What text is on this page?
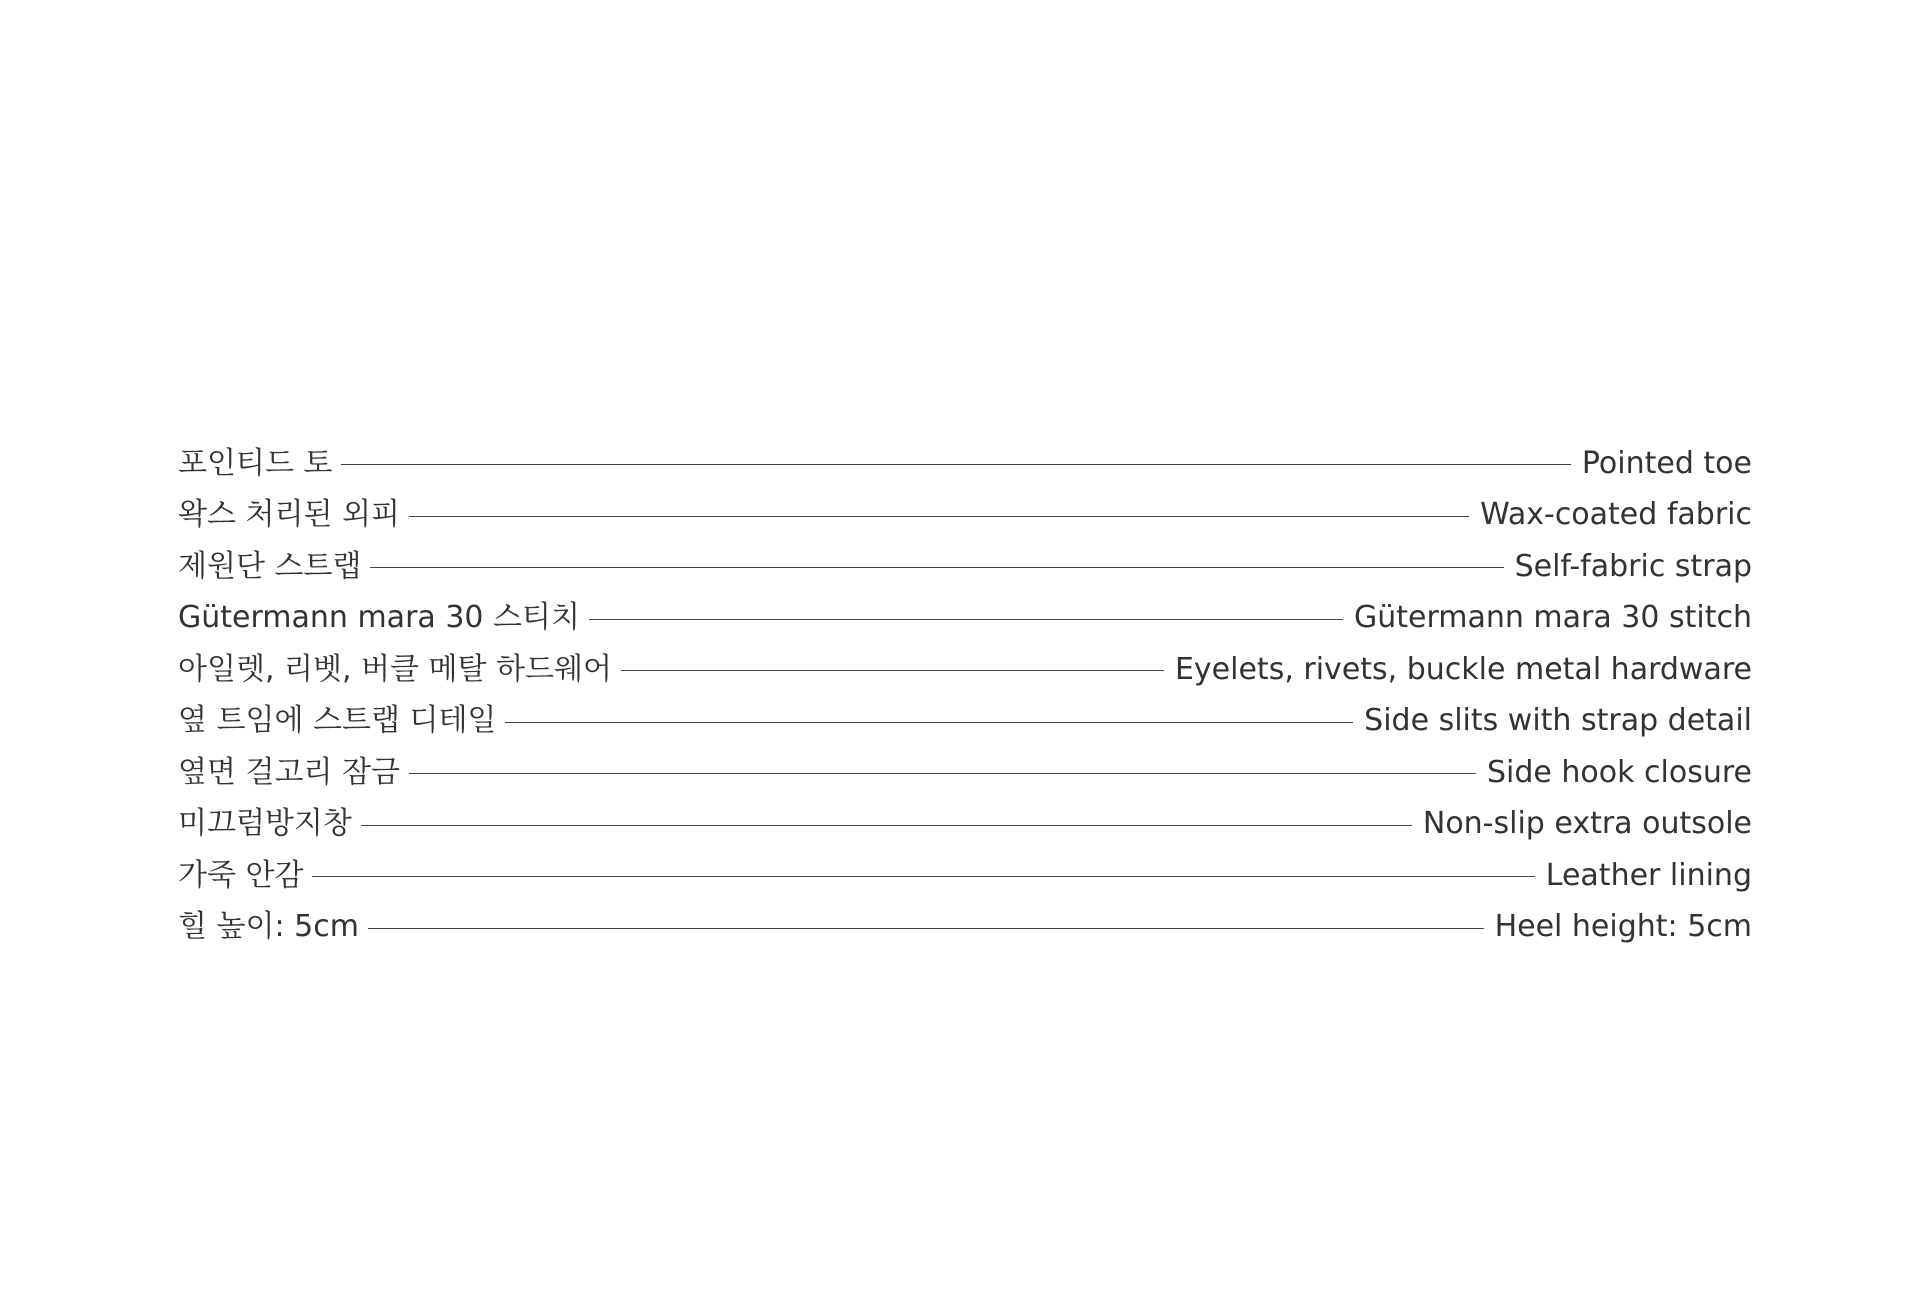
포인티드 토	Pointed toe
왁스 처리된 외피	Wax-coated fabric
제원단 스트랩	Self-fabric strap
Gütermann mara 30 스티치	Gütermann mara 30 stitch
아일렛, 리벳, 버클 메탈 하드웨어	Eyelets, rivets, buckle metal hardware
옆 트임에 스트랩 디테일	Side slits with strap detail
옆면 걸고리 잠금	Side hook closure
미끄럼방지창	Non-slip extra outsole
가죽 안감	Leather lining
힐 높이: 5cm	Heel height: 5cm
